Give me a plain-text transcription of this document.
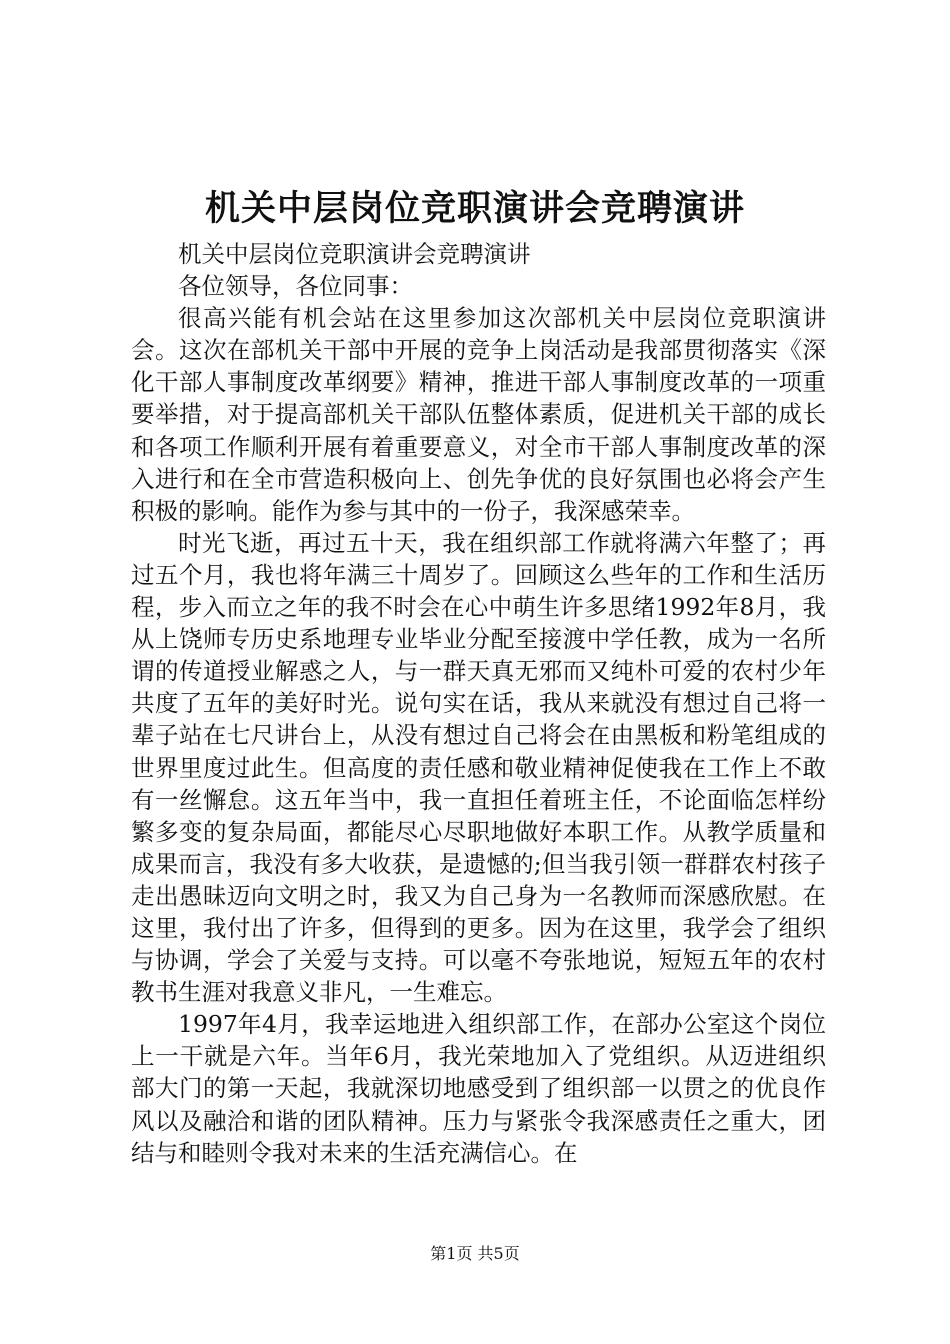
机关中层岗位竞职演讲会竞聘演讲

机关中层岗位竞职演讲会竞聘演讲

各位领导，各位同事：

很高兴能有机会站在这里参加这次部机关中层岗位竞职演讲会。这次在部机关干部中开展的竞争上岗活动是我部贯彻落实《深化干部人事制度改革纲要》精神，推进干部人事制度改革的一项重要举措，对于提高部机关干部队伍整体素质，促进机关干部的成长和各项工作顺利开展有着重要意义，对全市干部人事制度改革的深入进行和在全市营造积极向上、创先争优的良好氛围也必将会产生积极的影响。能作为参与其中的一份子，我深感荣幸。

时光飞逝，再过五十天，我在组织部工作就将满六年整了；再过五个月，我也将年满三十周岁了。回顾这么些年的工作和生活历程，步入而立之年的我不时会在心中萌生许多思绪1992年8月，我从上饶师专历史系地理专业毕业分配至接渡中学任教，成为一名所谓的传道授业解惑之人，与一群天真无邪而又纯朴可爱的农村少年共度了五年的美好时光。说句实在话，我从来就没有想过自己将一辈子站在七尺讲台上，从没有想过自己将会在由黑板和粉笔组成的世界里度过此生。但高度的责任感和敬业精神促使我在工作上不敢有一丝懈怠。这五年当中，我一直担任着班主任，不论面临怎样纷繁多变的复杂局面，都能尽心尽职地做好本职工作。从教学质量和成果而言，我没有多大收获，是遗憾的;但当我引领一群群农村孩子走出愚昧迈向文明之时，我又为自己身为一名教师而深感欣慰。在这里，我付出了许多，但得到的更多。因为在这里，我学会了组织与协调，学会了关爱与支持。可以毫不夸张地说，短短五年的农村教书生涯对我意义非凡，一生难忘。

1997年4月，我幸运地进入组织部工作，在部办公室这个岗位上一干就是六年。当年6月，我光荣地加入了党组织。从迈进组织部大门的第一天起，我就深切地感受到了组织部一以贯之的优良作风以及融洽和谐的团队精神。压力与紧张令我深感责任之重大，团结与和睦则令我对未来的生活充满信心。在

第1页 共5页
